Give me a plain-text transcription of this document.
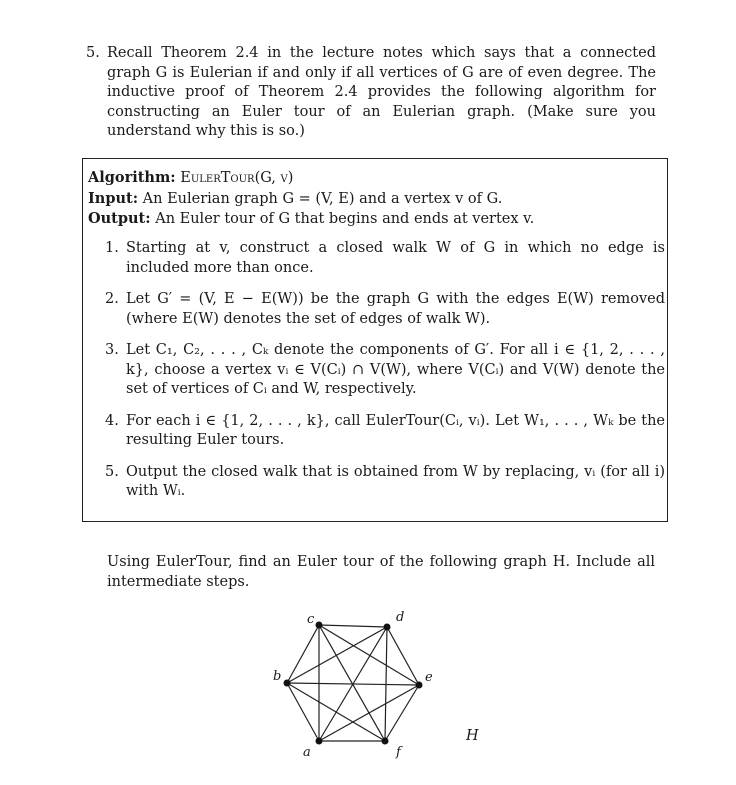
5. Recall Theorem 2.4 in the lecture notes which says that a connected graph G is Eulerian if and only if all vertices of G are of even degree. The inductive proof of Theorem 2.4 provides the following algorithm for constructing an Euler tour of an Eulerian graph. (Make sure you understand why this is so.)
Algorithm: EulerTour(G, v)
Input: An Eulerian graph G = (V, E) and a vertex v of G.
Output: An Euler tour of G that begins and ends at vertex v.
1. Starting at v, construct a closed walk W of G in which no edge is included more than once.
2. Let G′ = (V, E − E(W)) be the graph G with the edges E(W) removed (where E(W) denotes the set of edges of walk W).
3. Let C₁, C₂, . . . , Cₖ denote the components of G′. For all i ∈ {1, 2, . . . , k}, choose a vertex vᵢ ∈ V(Cᵢ) ∩ V(W), where V(Cᵢ) and V(W) denote the set of vertices of Cᵢ and W, respectively.
4. For each i ∈ {1, 2, . . . , k}, call EulerTour(Cᵢ, vᵢ). Let W₁, . . . , Wₖ be the resulting Euler tours.
5. Output the closed walk that is obtained from W by replacing, vᵢ (for all i) with Wᵢ.
Using EulerTour, find an Euler tour of the following graph H. Include all intermediate steps.
c	d
b	e
a	f
H
